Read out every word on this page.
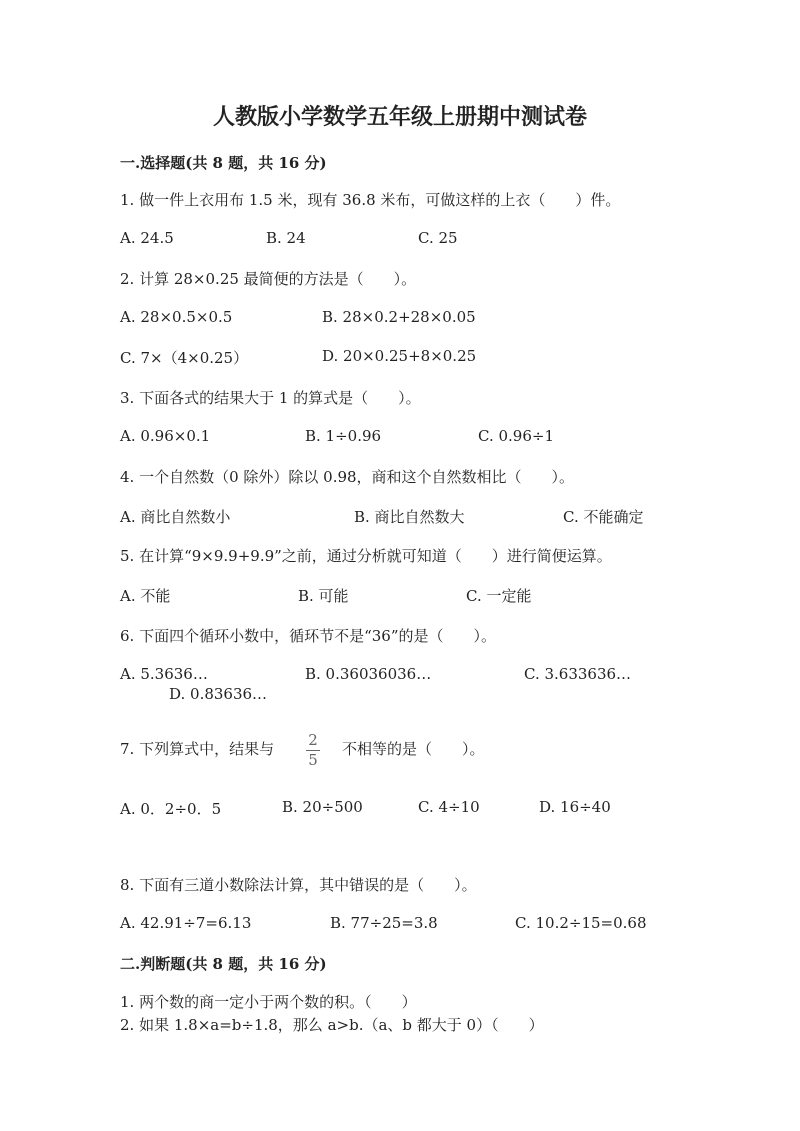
人教版小学数学五年级上册期中测试卷
一.选择题(共 8 题，共 16 分)
1. 做一件上衣用布 1.5 米，现有 36.8 米布，可做这样的上衣（　　）件。
A. 24.5	B. 24	C. 25
2. 计算 28×0.25 最简便的方法是（　　）。
A. 28×0.5×0.5	B. 28×0.2+28×0.05
C. 7×（4×0.25）	D. 20×0.25+8×0.25
3. 下面各式的结果大于 1 的算式是（　　）。
A. 0.96×0.1	B. 1÷0.96	C. 0.96÷1
4. 一个自然数（0 除外）除以 0.98，商和这个自然数相比（　　）。
A. 商比自然数小	B. 商比自然数大	C. 不能确定
5. 在计算“9×9.9+9.9”之前，通过分析就可知道（　　）进行简便运算。
A. 不能	B. 可能	C. 一定能
6. 下面四个循环小数中，循环节不是“36”的是（　　）。
A. 5.3636…	B. 0.36036036…	C. 3.633636…
D. 0.83636…
7. 下列算式中，结果与	2
5
不相等的是（　　）。
A. 0．2÷0．5	B. 20÷500	C. 4÷10	D. 16÷40
8. 下面有三道小数除法计算，其中错误的是（　　）。
A. 42.91÷7=6.13	B. 77÷25=3.8	C. 10.2÷15=0.68
二.判断题(共 8 题，共 16 分)
1. 两个数的商一定小于两个数的积。（　　）
2. 如果 1.8×a=b÷1.8，那么 a>b.（a、b 都大于 0）（　　）
